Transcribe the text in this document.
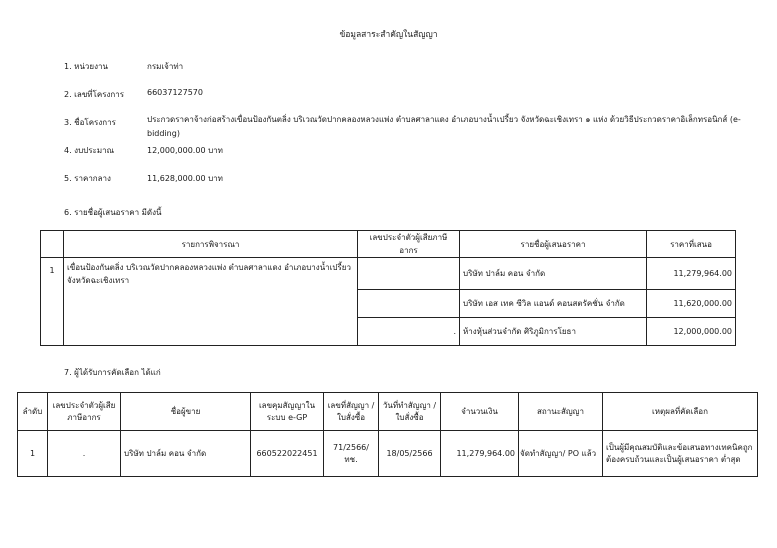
ข้อมูลสาระสำคัญในสัญญา
1. หน่วยงาน	กรมเจ้าท่า
2. เลขที่โครงการ	66037127570
3. ชื่อโครงการ	ประกวดราคาจ้างก่อสร้างเขื่อนป้องกันตลิ่ง บริเวณวัดปากคลองหลวงแพ่ง ตำบลศาลาแดง อำเภอบางน้ำเปรี้ยว จังหวัดฉะเชิงเทรา ๑ แห่ง ด้วยวิธีประกวดราคาอิเล็กทรอนิกส์ (e-bidding)
4. งบประมาณ	12,000,000.00 บาท
5. ราคากลาง	11,628,000.00 บาท
6. รายชื่อผู้เสนอราคา มีดังนี้
	รายการพิจารณา	เลขประจำตัวผู้เสียภาษีอากร	รายชื่อผู้เสนอราคา	ราคาที่เสนอ
1	เขื่อนป้องกันตลิ่ง บริเวณวัดปากคลองหลวงแพ่ง ตำบลศาลาแดง อำเภอบางน้ำเปรี้ยว จังหวัดฉะเชิงเทรา		บริษัท ปาล์ม คอน จำกัด	11,279,964.00
			บริษัท เอส เทค ซีวิล แอนด์ คอนสตรัคชั่น จำกัด	11,620,000.00
		.	ห้างหุ้นส่วนจำกัด ศิริภูมิการโยธา	12,000,000.00
7. ผู้ได้รับการคัดเลือก ได้แก่
ลำดับ	เลขประจำตัวผู้เสียภาษีอากร	ชื่อผู้ขาย	เลขคุมสัญญาในระบบ e-GP	เลขที่สัญญา / ใบสั่งซื้อ	วันที่ทำสัญญา / ใบสั่งซื้อ	จำนวนเงิน	สถานะสัญญา	เหตุผลที่คัดเลือก
1	.	บริษัท ปาล์ม คอน จำกัด	660522022451	71/2566/ทช.	18/05/2566	11,279,964.00	จัดทำสัญญา/ PO แล้ว	เป็นผู้มีคุณสมบัติและข้อเสนอทางเทคนิคถูกต้องครบถ้วนและเป็นผู้เสนอราคา ต่ำสุด
